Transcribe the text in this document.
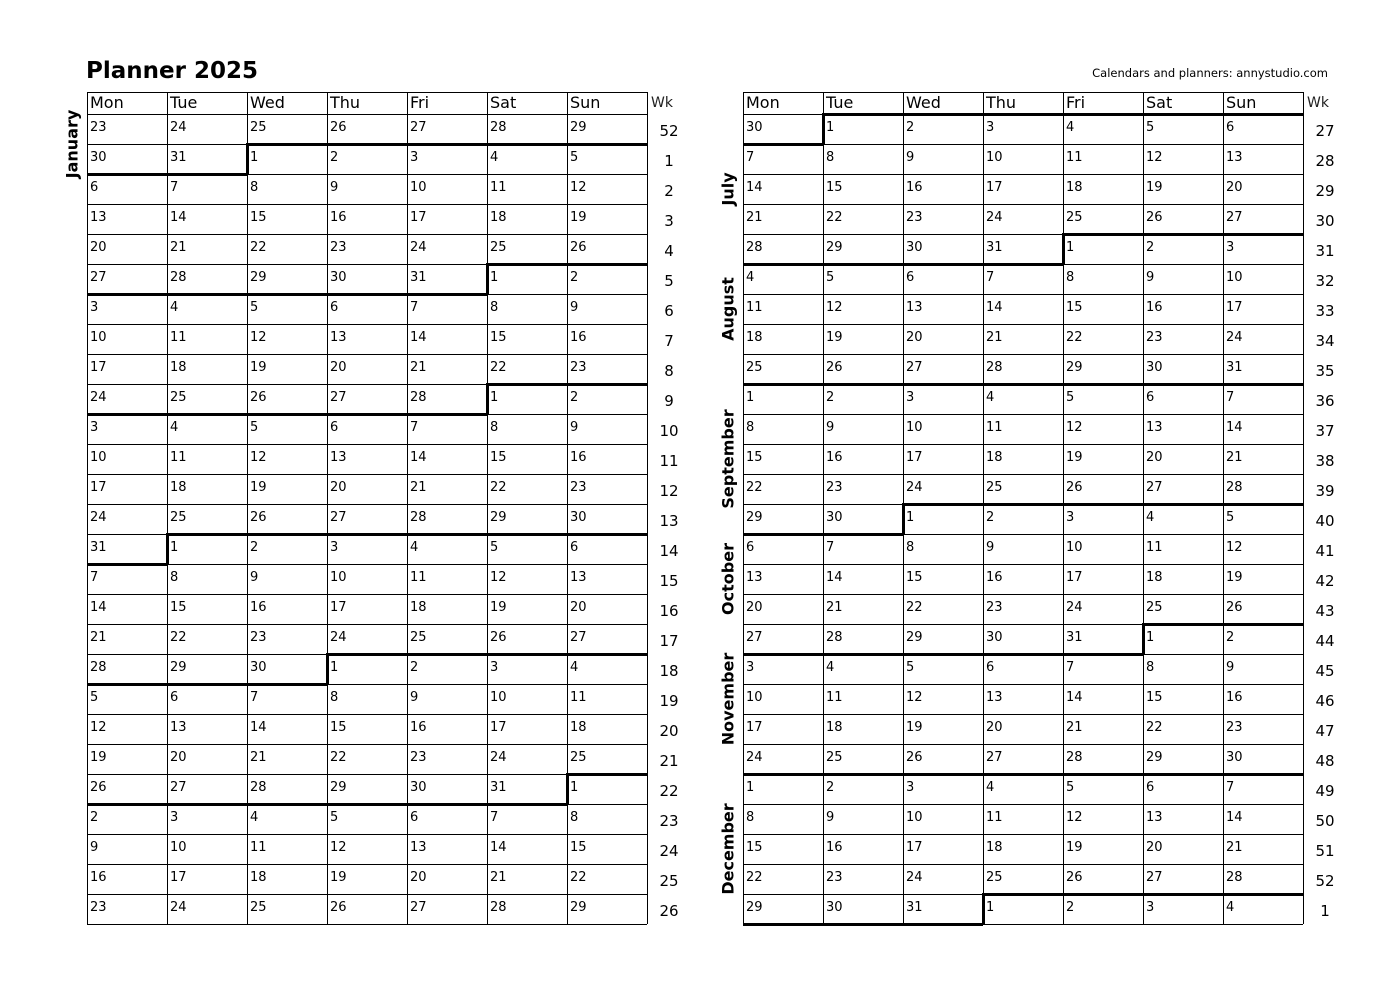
Planner 2025	Calendars and planners: annystudio.com
Mon	Tue	Wed	Thu	Fri	Sat	Sun	Wk
23	24	25	26	27	28	29	52
30	31	1	2	3	4	5	1
6	7	8	9	10	11	12	2
13	14	15	16	17	18	19	3
20	21	22	23	24	25	26	4
27	28	29	30	31	1	2	5
3	4	5	6	7	8	9	6
10	11	12	13	14	15	16	7
17	18	19	20	21	22	23	8
24	25	26	27	28	1	2	9
3	4	5	6	7	8	9	10
10	11	12	13	14	15	16	11
17	18	19	20	21	22	23	12
24	25	26	27	28	29	30	13
31	1	2	3	4	5	6	14
7	8	9	10	11	12	13	15
14	15	16	17	18	19	20	16
21	22	23	24	25	26	27	17
28	29	30	1	2	3	4	18
5	6	7	8	9	10	11	19
12	13	14	15	16	17	18	20
19	20	21	22	23	24	25	21
26	27	28	29	30	31	1	22
2	3	4	5	6	7	8	23
9	10	11	12	13	14	15	24
16	17	18	19	20	21	22	25
23	24	25	26	27	28	29	26
January
Mon	Tue	Wed	Thu	Fri	Sat	Sun	Wk
30	1	2	3	4	5	6	27
7	8	9	10	11	12	13	28
14	15	16	17	18	19	20	29
21	22	23	24	25	26	27	30
28	29	30	31	1	2	3	31
4	5	6	7	8	9	10	32
11	12	13	14	15	16	17	33
18	19	20	21	22	23	24	34
25	26	27	28	29	30	31	35
1	2	3	4	5	6	7	36
8	9	10	11	12	13	14	37
15	16	17	18	19	20	21	38
22	23	24	25	26	27	28	39
29	30	1	2	3	4	5	40
6	7	8	9	10	11	12	41
13	14	15	16	17	18	19	42
20	21	22	23	24	25	26	43
27	28	29	30	31	1	2	44
3	4	5	6	7	8	9	45
10	11	12	13	14	15	16	46
17	18	19	20	21	22	23	47
24	25	26	27	28	29	30	48
1	2	3	4	5	6	7	49
8	9	10	11	12	13	14	50
15	16	17	18	19	20	21	51
22	23	24	25	26	27	28	52
29	30	31	1	2	3	4	1
July
August
September
October
November
December
